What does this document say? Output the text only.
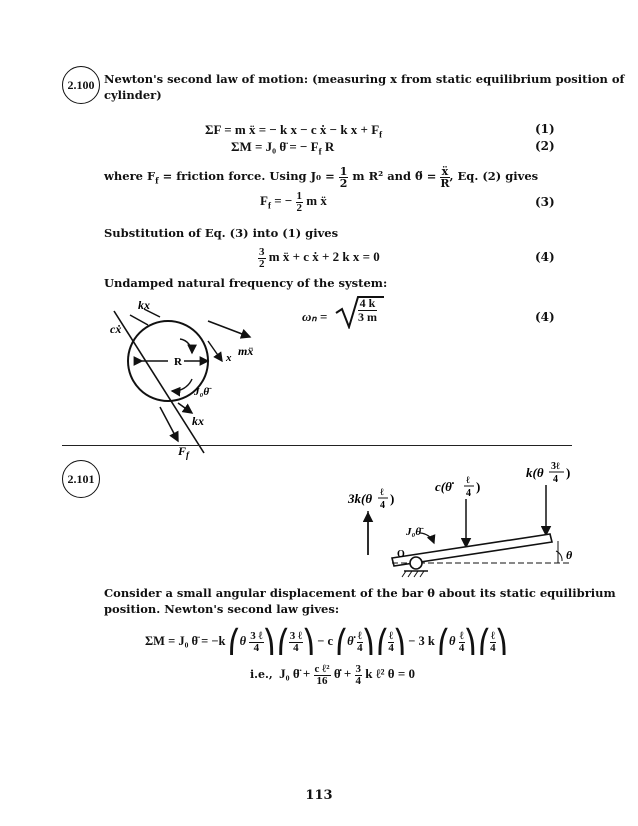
2.100 Newton's second law of motion: (measuring x from static equilibrium position of
cylinder)
ΣF = m ẍ = − k x − c ẋ − k $x + F_f$	(1)
ΣM = J₀ θ̈ = − $F_f$ R	(2)
where $F_f$ = friction force. Using $J_0 = \frac{1}{2}$ m R² and θ̈ = $\frac{\text{ẍ}}{R}$ , Eq. (2) gives
$F_f$ = − $\frac{1}{2}$ m ẍ	(3)
Substitution of Eq. (3) into (1) gives
$\frac{3}{2}$ m ẍ + c ẋ + 2 k x = 0	(4)
Undamped natural frequency of the system:
ωₙ =	$\frac{4 k}{3 m}$	(4)
kx
cẋ
mẍ
x
R
J₀θ̈
kx
$F_f$
2.101
c(θ̇ ℓ
4 )
k(θ 3ℓ
4 )
3k(θ ℓ
4 )
θ
O
J₀θ̈
Consider a small angular displacement of the bar θ about its static equilibrium
position. Newton's second law gives:
ΣM = J₀ θ̈ = −k ⎛θ $\frac{\text{3 ℓ}}{4}$ ⎞ ⎛ $\frac{\text{3 ℓ}}{4}$ ⎞ − c ⎛θ̇ $\frac{\text{ℓ}}{4}$ ⎞ ⎛ $\frac{\text{ℓ}}{4}$ ⎞ − 3 k ⎛θ $\frac{\text{ℓ}}{4}$ ⎞ ⎛ $\frac{\text{ℓ}}{4}$ ⎞
i.e., J₀ θ̈ + $\frac{\text{c ℓ²}}{16}$ θ̇ + $\frac{3}{4}$ k ℓ² θ = 0
113
